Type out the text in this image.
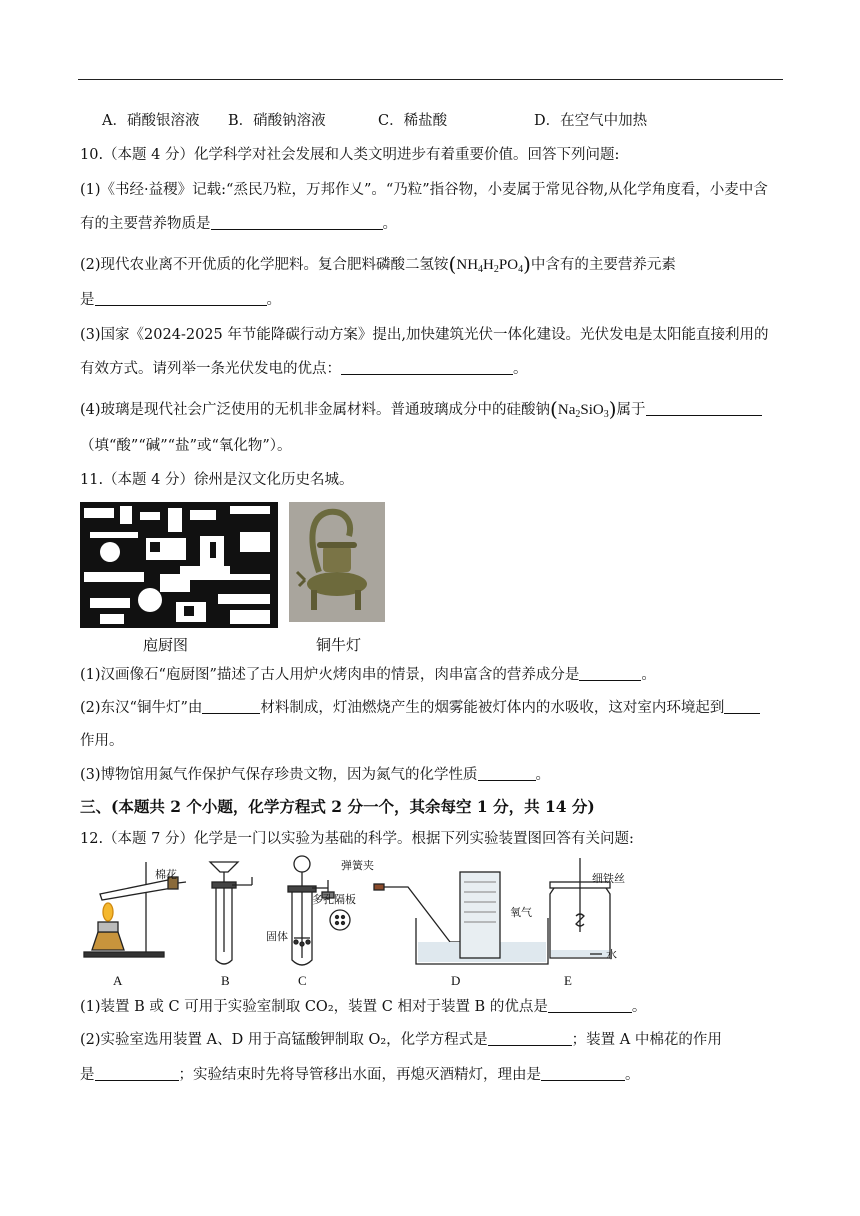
A．硝酸银溶液 B．硝酸钠溶液	C．稀盐酸	D．在空气中加热
10.（本题 4 分）化学科学对社会发展和人类文明进步有着重要价值。回答下列问题:
(1)《书经·益稷》记载:“烝民乃粒，万邦作乂”。“乃粒”指谷物，小麦属于常见谷物,从化学角度看，小麦中含
有的主要营养物质是	。
(2)现代农业离不开优质的化学肥料。复合肥料磷酸二氢铵$(NH_4H_2PO_4)$中含有的主要营养元素
是	。
(3)国家《2024-2025 年节能降碳行动方案》提出,加快建筑光伏一体化建设。光伏发电是太阳能直接利用的
有效方式。请列举一条光伏发电的优点：	。
(4)玻璃是现代社会广泛使用的无机非金属材料。普通玻璃成分中的硅酸钠$(Na_2SiO_3)$属于
（填“酸”“碱”“盐”或“氧化物”）。
11.（本题 4 分）徐州是汉文化历史名城。
庖厨图	铜牛灯
(1)汉画像石“庖厨图”描述了古人用炉火烤肉串的情景，肉串富含的营养成分是	。
(2)东汉“铜牛灯”由	材料制成，灯油燃烧产生的烟雾能被灯体内的水吸收，这对室内环境起到
作用。
(3)博物馆用氮气作保护气保存珍贵文物，因为氮气的化学性质	。
三、(本题共 2 个小题，化学方程式 2 分一个，其余每空 1 分，共 14 分)
12.（本题 7 分）化学是一门以实验为基础的科学。根据下列实验装置图回答有关问题:
棉花
弹簧夹
多孔隔板
固体
细铁丝
氧气
水
A	B	C	D	E
(1)装置 B 或 C 可用于实验室制取 CO₂，装置 C 相对于装置 B 的优点是	。
(2)实验室选用装置 A、D 用于高锰酸钾制取 O₂，化学方程式是	；装置 A 中棉花的作用
是	；实验结束时先将导管移出水面，再熄灭酒精灯，理由是	。
